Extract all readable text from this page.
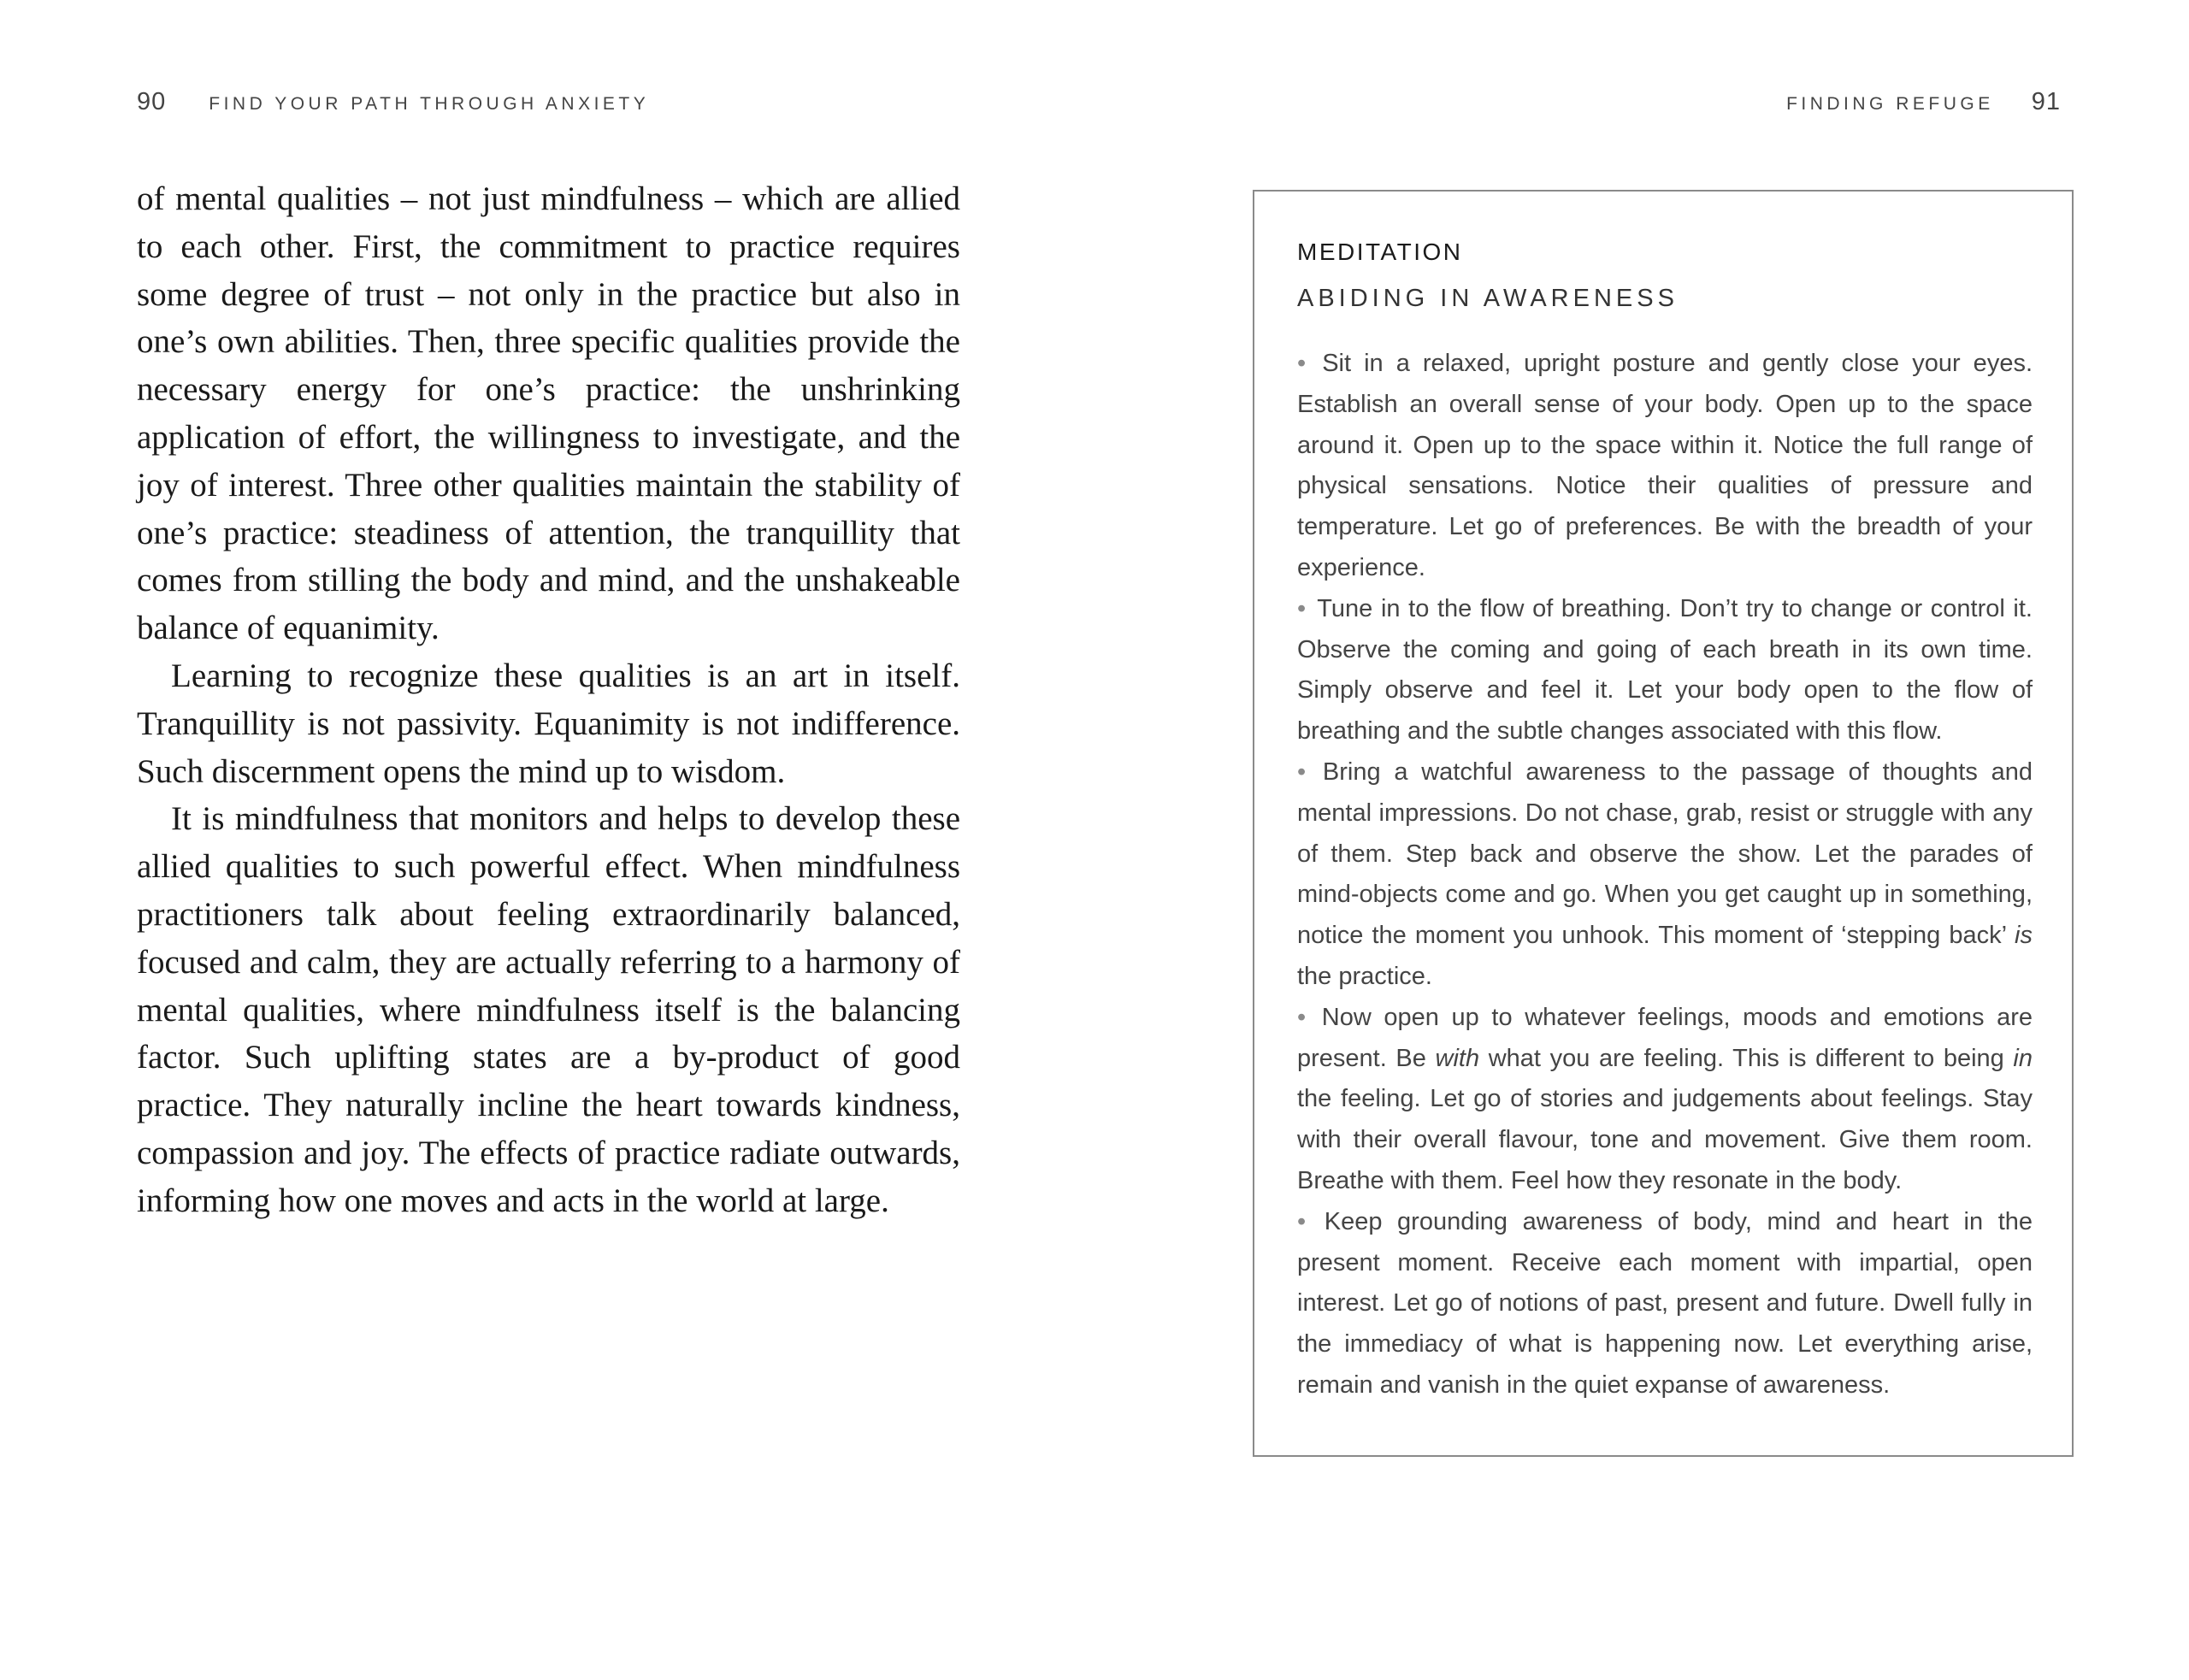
90 FIND YOUR PATH THROUGH ANXIETY

of mental qualities – not just mindfulness – which are allied to each other. First, the commitment to practice requires some degree of trust – not only in the practice but also in one’s own abilities. Then, three specific qualities provide the necessary energy for one’s practice: the unshrinking application of effort, the willingness to investigate, and the joy of interest. Three other qualities maintain the stability of one’s practice: steadiness of attention, the tranquillity that comes from stilling the body and mind, and the unshakeable balance of equanimity.

Learning to recognize these qualities is an art in itself. Tranquillity is not passivity. Equanimity is not indifference. Such discernment opens the mind up to wisdom.

It is mindfulness that monitors and helps to develop these allied qualities to such powerful effect. When mindfulness practitioners talk about feeling extraordinarily balanced, focused and calm, they are actually referring to a harmony of mental qualities, where mindfulness itself is the balancing factor. Such uplifting states are a by-product of good practice. They naturally incline the heart towards kindness, compassion and joy. The effects of practice radiate outwards, informing how one moves and acts in the world at large.

FINDING REFUGE 91
MEDITATION
ABIDING IN AWARENESS

• Sit in a relaxed, upright posture and gently close your eyes. Establish an overall sense of your body. Open up to the space around it. Open up to the space within it. Notice the full range of physical sensations. Notice their qualities of pressure and temperature. Let go of preferences. Be with the breadth of your experience.

• Tune in to the flow of breathing. Don’t try to change or control it. Observe the coming and going of each breath in its own time. Simply observe and feel it. Let your body open to the flow of breathing and the subtle changes associated with this flow.

• Bring a watchful awareness to the passage of thoughts and mental impressions. Do not chase, grab, resist or struggle with any of them. Step back and observe the show. Let the parades of mind-objects come and go. When you get caught up in something, notice the moment you unhook. This moment of ‘stepping back’ is the practice.

• Now open up to whatever feelings, moods and emotions are present. Be with what you are feeling. This is different to being in the feeling. Let go of stories and judgements about feelings. Stay with their overall flavour, tone and movement. Give them room. Breathe with them. Feel how they resonate in the body.

• Keep grounding awareness of body, mind and heart in the present moment. Receive each moment with impartial, open interest. Let go of notions of past, present and future. Dwell fully in the immediacy of what is happening now. Let everything arise, remain and vanish in the quiet expanse of awareness.
